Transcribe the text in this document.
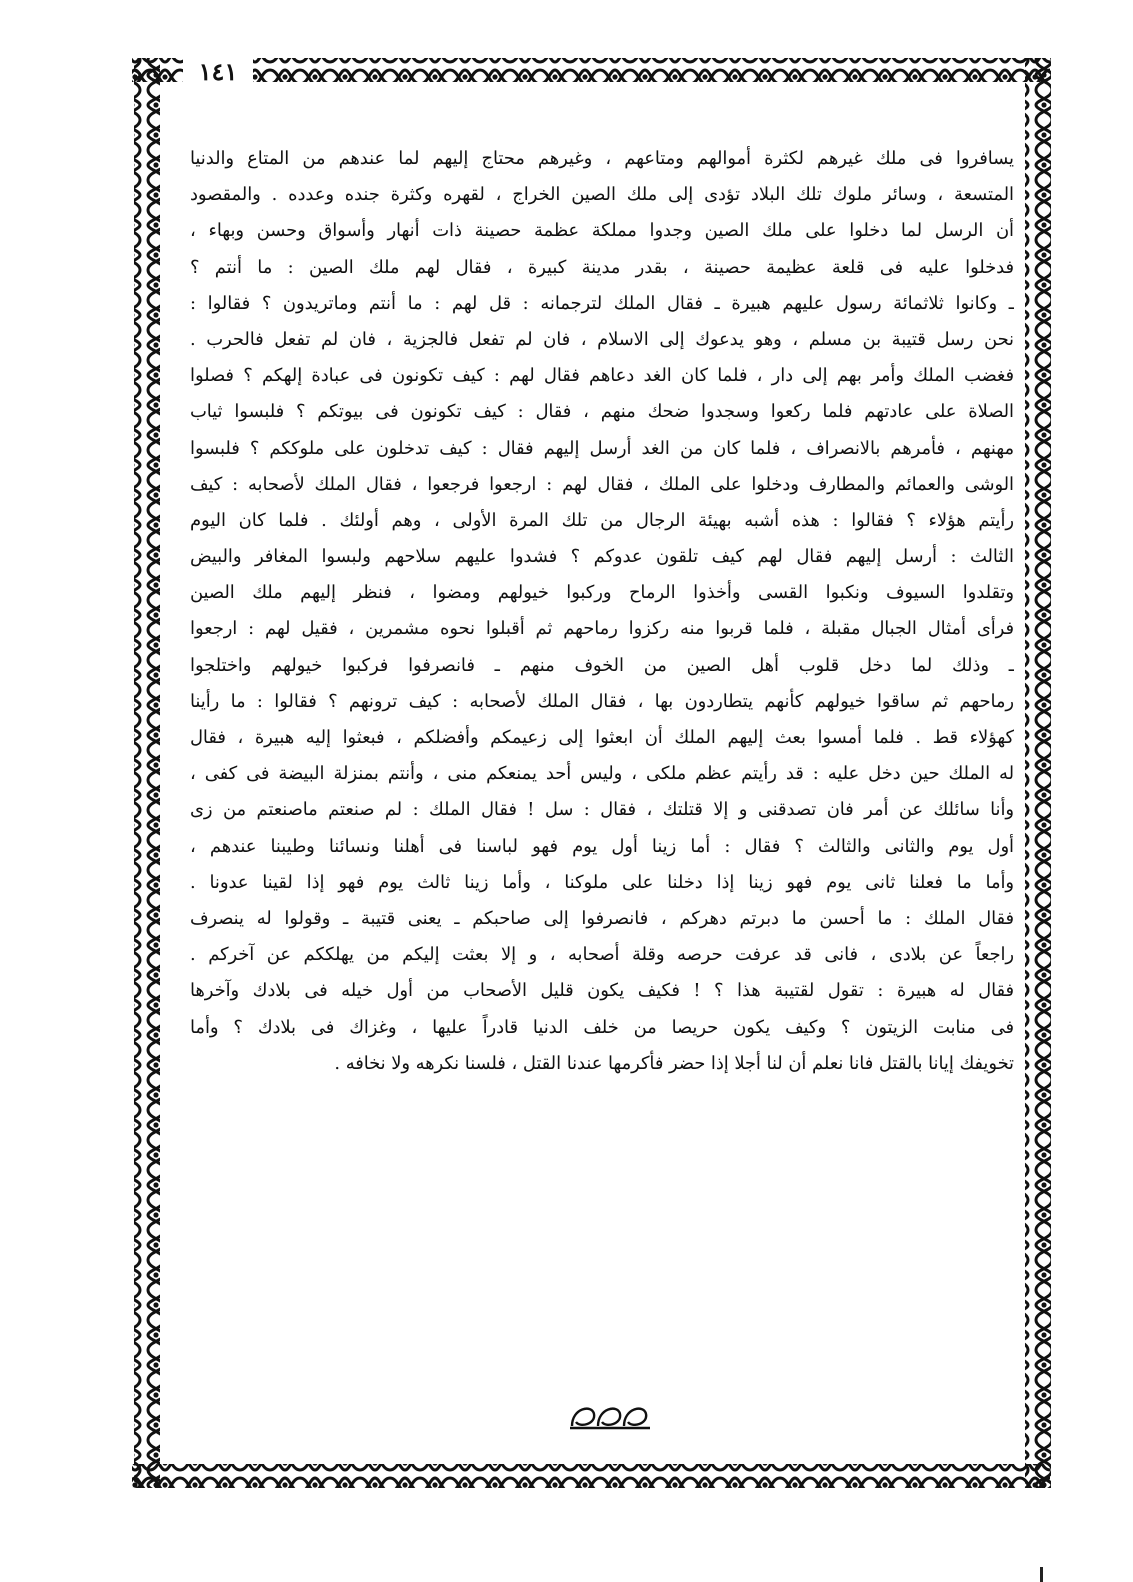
١٤١
يسافروا فى ملك غيرهم لكثرة أموالهم ومتاعهم ، وغيرهم محتاج إليهم لما عندهم من المتاع والدنيا
المتسعة ، وسائر ملوك تلك البلاد تؤدى إلى ملك الصين الخراج ، لقهره وكثرة جنده وعدده . والمقصود
أن الرسل لما دخلوا على ملك الصين وجدوا مملكة عظمة حصينة ذات أنهار وأسواق وحسن وبهاء ،
فدخلوا عليه فى قلعة عظيمة حصينة ، بقدر مدينة كبيرة ، فقال لهم ملك الصين : ما أنتم ؟
ـ وكانوا ثلاثمائة رسول عليهم هبيرة ـ فقال الملك لترجمانه : قل لهم : ما أنتم وماتريدون ؟ فقالوا :
نحن رسل قتيبة بن مسلم ، وهو يدعوك إلى الاسلام ، فان لم تفعل فالجزية ، فان لم تفعل فالحرب .
فغضب الملك وأمر بهم إلى دار ، فلما كان الغد دعاهم فقال لهم : كيف تكونون فى عبادة إلهكم ؟ فصلوا
الصلاة على عادتهم فلما ركعوا وسجدوا ضحك منهم ، فقال : كيف تكونون فى بيوتكم ؟ فلبسوا ثياب
مهنهم ، فأمرهم بالانصراف ، فلما كان من الغد أرسل إليهم فقال : كيف تدخلون على ملوككم ؟ فلبسوا
الوشى والعمائم والمطارف ودخلوا على الملك ، فقال لهم : ارجعوا فرجعوا ، فقال الملك لأصحابه : كيف
رأيتم هؤلاء ؟ فقالوا : هذه أشبه بهيئة الرجال من تلك المرة الأولى ، وهم أولئك . فلما كان اليوم
الثالث : أرسل إليهم فقال لهم كيف تلقون عدوكم ؟ فشدوا عليهم سلاحهم ولبسوا المغافر والبيض
وتقلدوا السيوف ونكبوا القسى وأخذوا الرماح وركبوا خيولهم ومضوا ، فنظر إليهم ملك الصين
فرأى أمثال الجبال مقبلة ، فلما قربوا منه ركزوا رماحهم ثم أقبلوا نحوه مشمرين ، فقيل لهم : ارجعوا
ـ وذلك لما دخل قلوب أهل الصين من الخوف منهم ـ فانصرفوا فركبوا خيولهم واختلجوا
رماحهم ثم ساقوا خيولهم كأنهم يتطاردون بها ، فقال الملك لأصحابه : كيف ترونهم ؟ فقالوا : ما رأينا
كهؤلاء قط . فلما أمسوا بعث إليهم الملك أن ابعثوا إلى زعيمكم وأفضلكم ، فبعثوا إليه هبيرة ، فقال
له الملك حين دخل عليه : قد رأيتم عظم ملكى ، وليس أحد يمنعكم منى ، وأنتم بمنزلة البيضة فى كفى ،
وأنا سائلك عن أمر فان تصدقنى و إلا قتلتك ، فقال : سل ! فقال الملك : لم صنعتم ماصنعتم من زى
أول يوم والثانى والثالث ؟ فقال : أما زينا أول يوم فهو لباسنا فى أهلنا ونسائنا وطيبنا عندهم ،
وأما ما فعلنا ثانى يوم فهو زينا إذا دخلنا على ملوكنا ، وأما زينا ثالث يوم فهو إذا لقينا عدونا .
فقال الملك : ما أحسن ما دبرتم دهركم ، فانصرفوا إلى صاحبكم ـ يعنى قتيبة ـ وقولوا له ينصرف
راجعاً عن بلادى ، فانى قد عرفت حرصه وقلة أصحابه ، و إلا بعثت إليكم من يهلككم عن آخركم .
فقال له هبيرة : تقول لقتيبة هذا ؟ ! فكيف يكون قليل الأصحاب من أول خيله فى بلادك وآخرها
فى منابت الزيتون ؟ وكيف يكون حريصا من خلف الدنيا قادراً عليها ، وغزاك فى بلادك ؟ وأما
تخويفك إيانا بالقتل فانا نعلم أن لنا أجلا إذا حضر فأكرمها عندنا القتل ، فلسنا نكرهه ولا نخافه .
